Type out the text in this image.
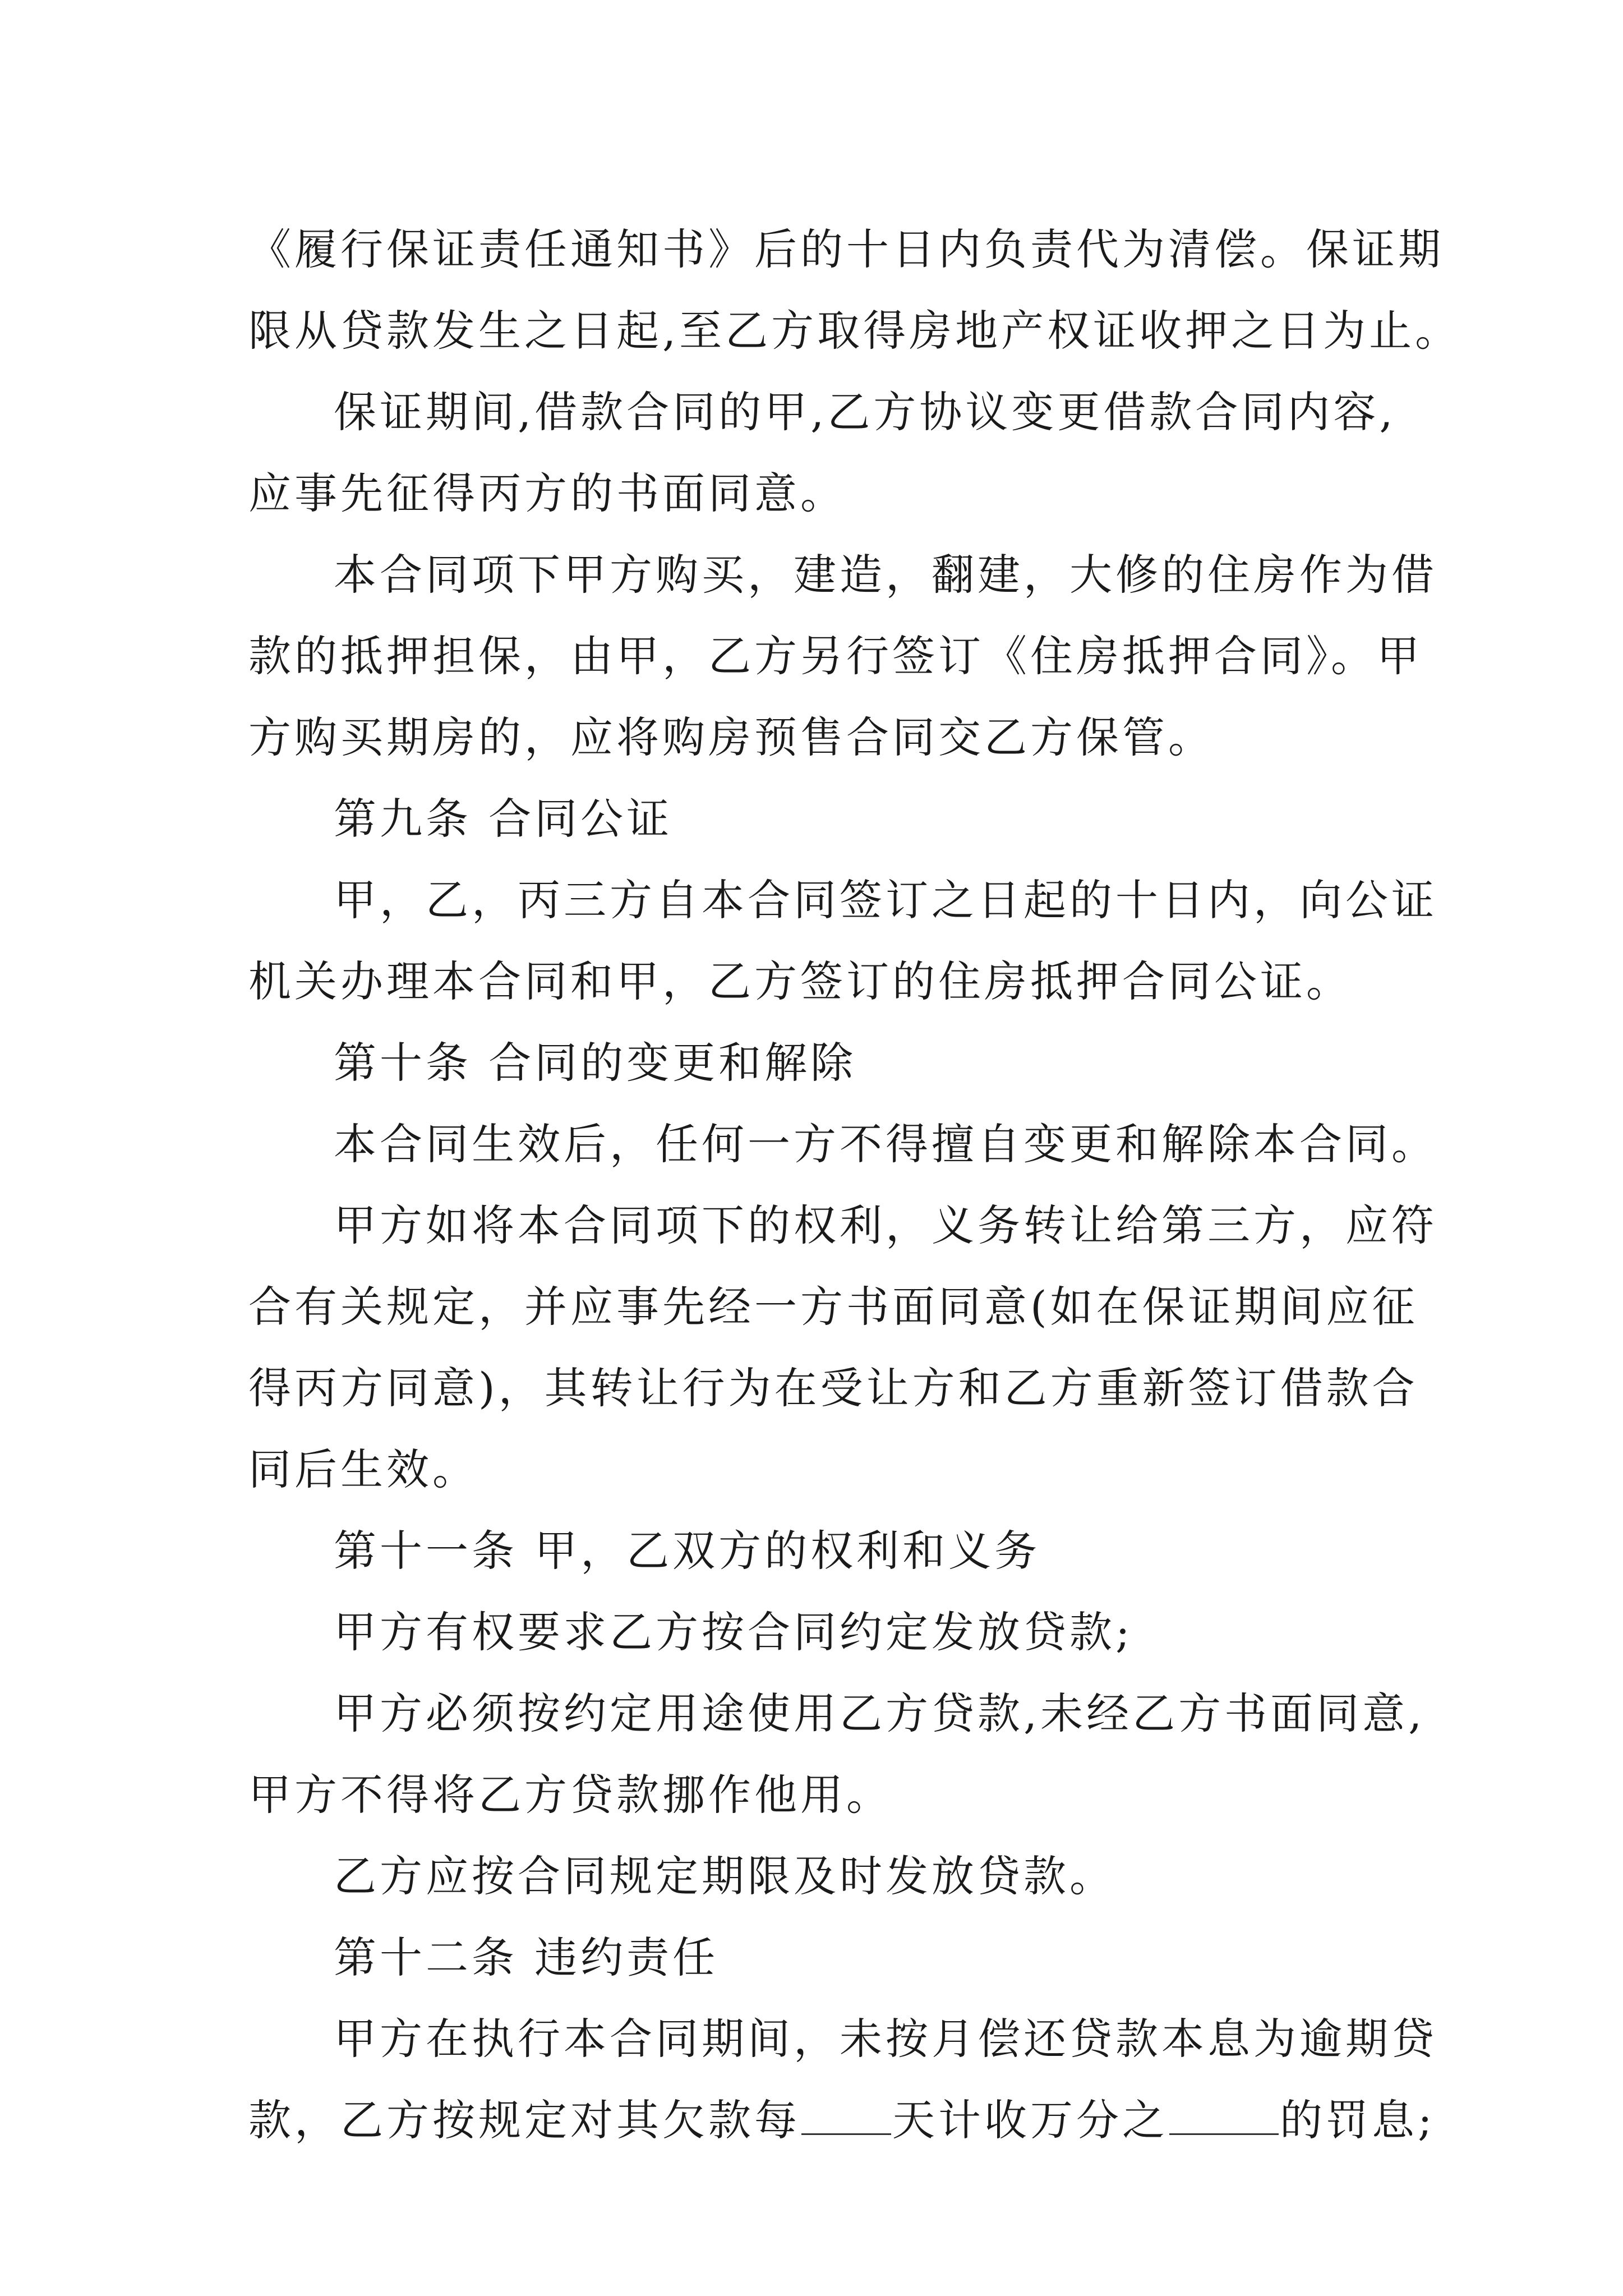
《履行保证责任通知书》后的十日内负责代为清偿。保证期
限从贷款发生之日起,至乙方取得房地产权证收押之日为止。
保证期间,借款合同的甲,乙方协议变更借款合同内容,
应事先征得丙方的书面同意。
本合同项下甲方购买，建造，翻建，大修的住房作为借
款的抵押担保，由甲，乙方另行签订《住房抵押合同》。甲
方购买期房的，应将购房预售合同交乙方保管。
第九条 合同公证
甲，乙，丙三方自本合同签订之日起的十日内，向公证
机关办理本合同和甲，乙方签订的住房抵押合同公证。
第十条 合同的变更和解除
本合同生效后，任何一方不得擅自变更和解除本合同。
甲方如将本合同项下的权利，义务转让给第三方，应符
合有关规定，并应事先经一方书面同意(如在保证期间应征
得丙方同意)，其转让行为在受让方和乙方重新签订借款合
同后生效。
第十一条 甲，乙双方的权利和义务
甲方有权要求乙方按合同约定发放贷款;
甲方必须按约定用途使用乙方贷款,未经乙方书面同意,
甲方不得将乙方贷款挪作他用。
乙方应按合同规定期限及时发放贷款。
第十二条 违约责任
甲方在执行本合同期间，未按月偿还贷款本息为逾期贷
款，乙方按规定对其欠款每 天计收万分之	的罚息;
